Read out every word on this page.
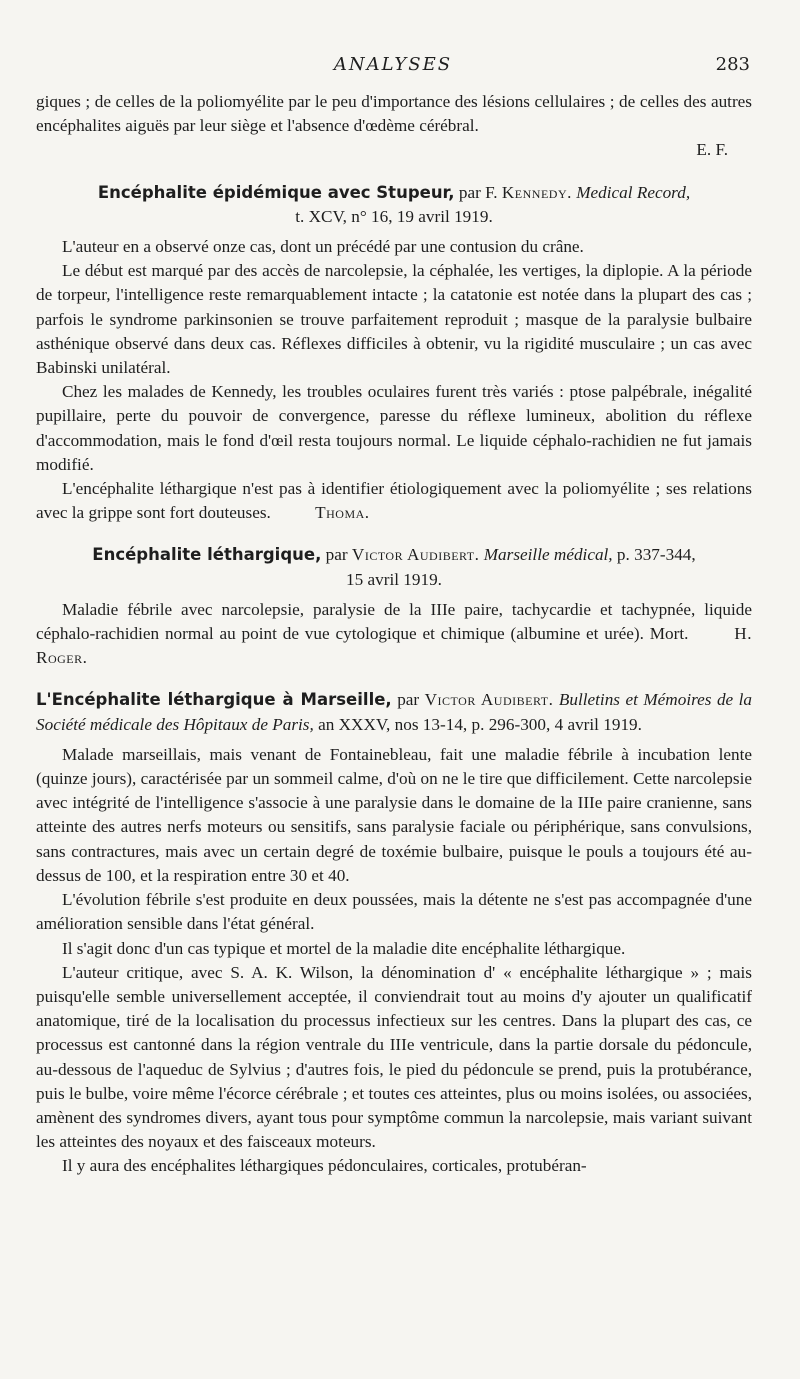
ANALYSES	283

giques ; de celles de la poliomyélite par le peu d'importance des lésions cellulaires ; de celles des autres encéphalites aiguës par leur siège et l'absence d'œdème cérébral.

E. F.

Encéphalite épidémique avec Stupeur, par F. Kennedy. Medical Record,
t. XCV, n° 16, 19 avril 1919.

L'auteur en a observé onze cas, dont un précédé par une contusion du crâne.

Le début est marqué par des accès de narcolepsie, la céphalée, les vertiges, la diplopie. A la période de torpeur, l'intelligence reste remarquablement intacte ; la catatonie est notée dans la plupart des cas ; parfois le syndrome parkinsonien se trouve parfaitement reproduit ; masque de la paralysie bulbaire asthénique observé dans deux cas. Réflexes difficiles à obtenir, vu la rigidité musculaire ; un cas avec Babinski unilatéral.

Chez les malades de Kennedy, les troubles oculaires furent très variés : ptose palpébrale, inégalité pupillaire, perte du pouvoir de convergence, paresse du réflexe lumineux, abolition du réflexe d'accommodation, mais le fond d'œil resta toujours normal. Le liquide céphalo-rachidien ne fut jamais modifié.

L'encéphalite léthargique n'est pas à identifier étiologiquement avec la poliomyélite ; ses relations avec la grippe sont fort douteuses.	Thoma.

Encéphalite léthargique, par Victor Audibert. Marseille médical, p. 337-344,
15 avril 1919.

Maladie fébrile avec narcolepsie, paralysie de la IIIe paire, tachycardie et tachypnée, liquide céphalo-rachidien normal au point de vue cytologique et chimique (albumine et urée). Mort.	H. Roger.

L'Encéphalite léthargique à Marseille, par Victor Audibert. Bulletins et Mémoires de la Société médicale des Hôpitaux de Paris, an XXXV, nos 13-14, p. 296-300, 4 avril 1919.

Malade marseillais, mais venant de Fontainebleau, fait une maladie fébrile à incubation lente (quinze jours), caractérisée par un sommeil calme, d'où on ne le tire que difficilement. Cette narcolepsie avec intégrité de l'intelligence s'associe à une paralysie dans le domaine de la IIIe paire cranienne, sans atteinte des autres nerfs moteurs ou sensitifs, sans paralysie faciale ou périphérique, sans convulsions, sans contractures, mais avec un certain degré de toxémie bulbaire, puisque le pouls a toujours été au-dessus de 100, et la respiration entre 30 et 40.

L'évolution fébrile s'est produite en deux poussées, mais la détente ne s'est pas accompagnée d'une amélioration sensible dans l'état général.

Il s'agit donc d'un cas typique et mortel de la maladie dite encéphalite léthargique.

L'auteur critique, avec S. A. K. Wilson, la dénomination d' « encéphalite léthargique » ; mais puisqu'elle semble universellement acceptée, il conviendrait tout au moins d'y ajouter un qualificatif anatomique, tiré de la localisation du processus infectieux sur les centres. Dans la plupart des cas, ce processus est cantonné dans la région ventrale du IIIe ventricule, dans la partie dorsale du pédoncule, au-dessous de l'aqueduc de Sylvius ; d'autres fois, le pied du pédoncule se prend, puis la protubérance, puis le bulbe, voire même l'écorce cérébrale ; et toutes ces atteintes, plus ou moins isolées, ou associées, amènent des syndromes divers, ayant tous pour symptôme commun la narcolepsie, mais variant suivant les atteintes des noyaux et des faisceaux moteurs.

Il y aura des encéphalites léthargiques pédonculaires, corticales, protubéran-
